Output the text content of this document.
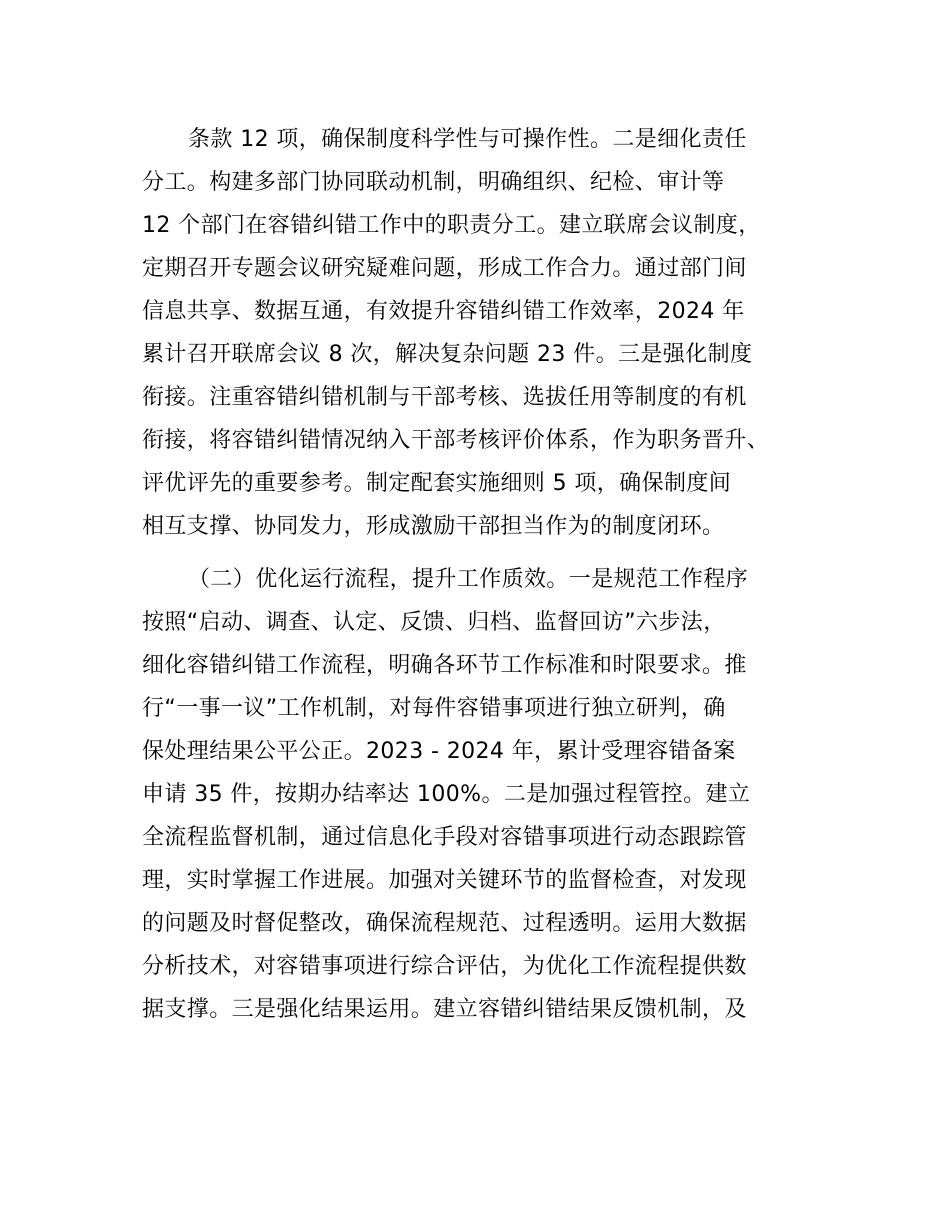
条款 12 项，确保制度科学性与可操作性。二是细化责任
分工。构建多部门协同联动机制，明确组织、纪检、审计等
12 个部门在容错纠错工作中的职责分工。建立联席会议制度，
定期召开专题会议研究疑难问题，形成工作合力。通过部门间
信息共享、数据互通，有效提升容错纠错工作效率，2024 年
累计召开联席会议 8 次，解决复杂问题 23 件。三是强化制度
衔接。注重容错纠错机制与干部考核、选拔任用等制度的有机
衔接，将容错纠错情况纳入干部考核评价体系，作为职务晋升、
评优评先的重要参考。制定配套实施细则 5 项，确保制度间
相互支撑、协同发力，形成激励干部担当作为的制度闭环。
（二）优化运行流程，提升工作质效。一是规范工作程序
按照“启动、调查、认定、反馈、归档、监督回访”六步法，
细化容错纠错工作流程，明确各环节工作标准和时限要求。推
行“一事一议”工作机制，对每件容错事项进行独立研判，确
保处理结果公平公正。2023 - 2024 年，累计受理容错备案
申请 35 件，按期办结率达 100%。二是加强过程管控。建立
全流程监督机制，通过信息化手段对容错事项进行动态跟踪管
理，实时掌握工作进展。加强对关键环节的监督检查，对发现
的问题及时督促整改，确保流程规范、过程透明。运用大数据
分析技术，对容错事项进行综合评估，为优化工作流程提供数
据支撑。三是强化结果运用。建立容错纠错结果反馈机制，及
